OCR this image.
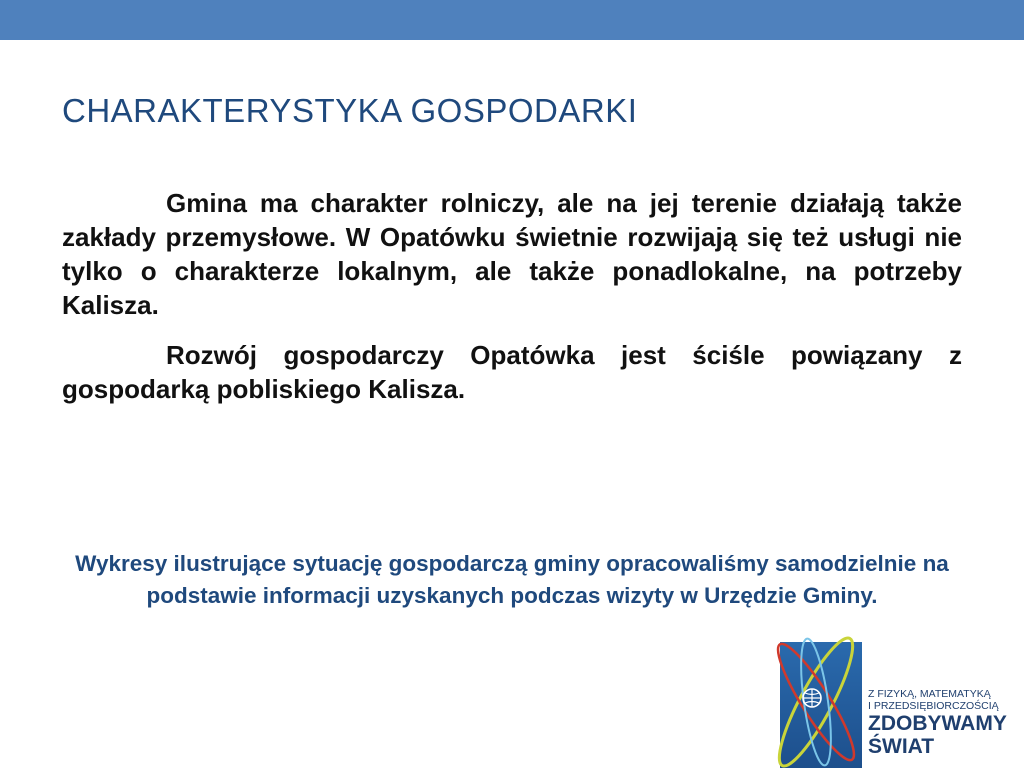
CHARAKTERYSTYKA GOSPODARKI

Gmina ma charakter rolniczy, ale na jej terenie działają także zakłady przemysłowe. W Opatówku świetnie rozwijają się też usługi nie tylko o charakterze lokalnym, ale także ponadlokalne, na potrzeby Kalisza.

Rozwój gospodarczy Opatówka jest ściśle powiązany z gospodarką pobliskiego Kalisza.

Wykresy ilustrujące sytuację gospodarczą gminy opracowaliśmy samodzielnie na podstawie informacji uzyskanych podczas wizyty w Urzędzie Gminy.

Z FIZYKĄ, MATEMATYKĄ

I PRZEDSIĘBIORCZOŚCIĄ

ZDOBYWAMY

ŚWIAT
